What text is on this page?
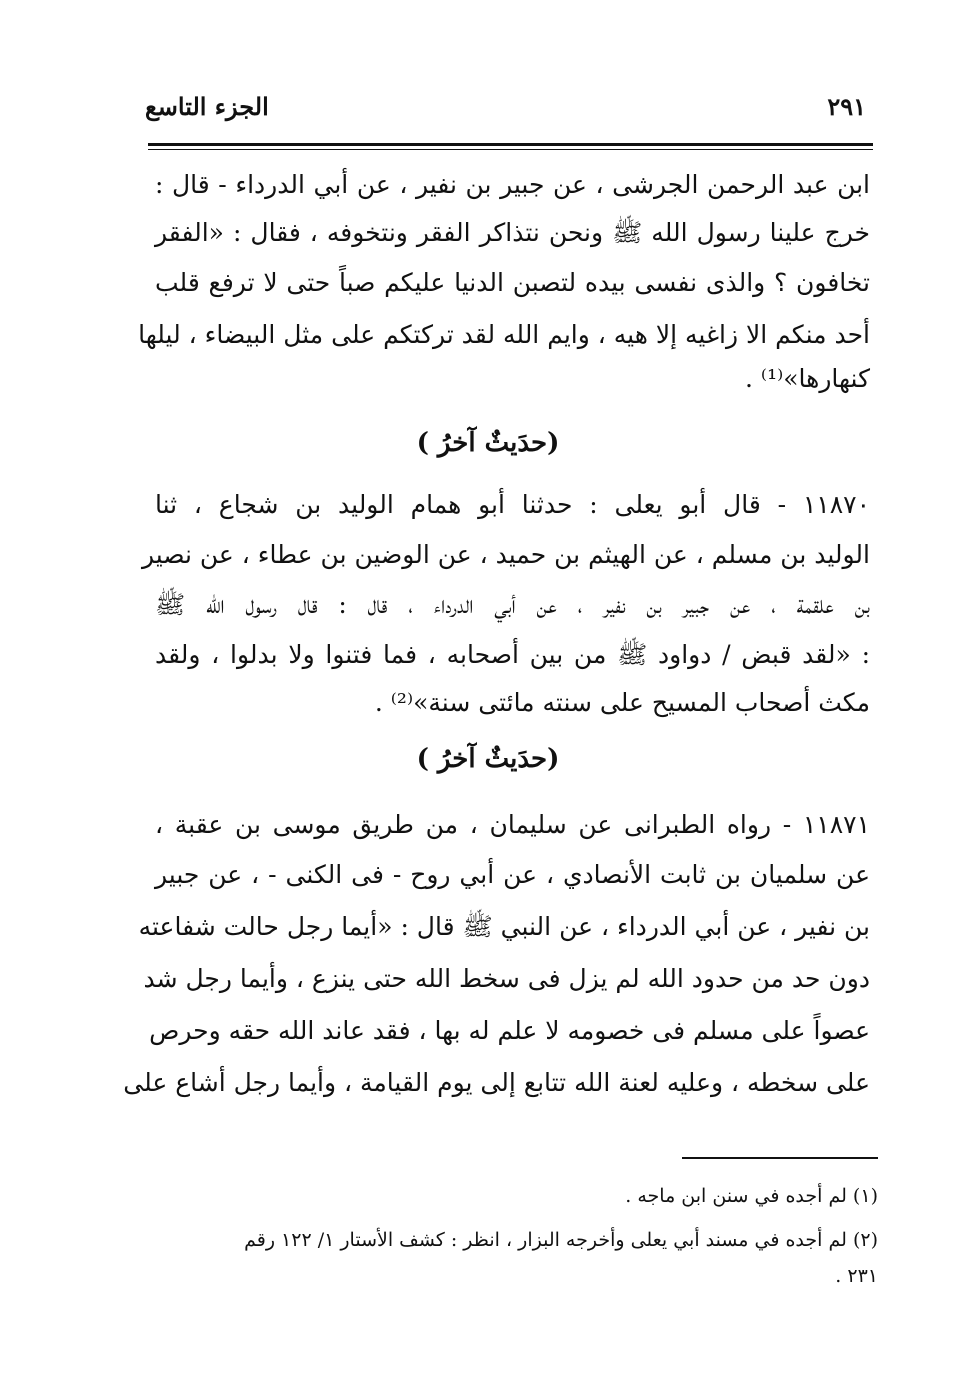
٢٩١
الجزء التاسع
ابن عبد الرحمن الجرشى ، عن جبير بن نفير ، عن أبي الدرداء - قال :
خرج علينا رسول الله ﷺ ونحن نتذاكر الفقر ونتخوفه ، فقال : «الفقر
تخافون ؟ والذى نفسى بيده لتصبن الدنيا عليكم صباً حتى لا ترفع قلب
أحد منكم الا زاغيه إلا هيه ، وايم الله لقد تركتكم على مثل البيضاء ، ليلها
كنهارها»⁽¹⁾ .
(حدَيثٌ آخرُ )
١١٨٧٠ - قال أبو يعلى : حدثنا أبو همام الوليد بن شجاع ، ثنا
الوليد بن مسلم ، عن الهيثم بن حميد ، عن الوضين بن عطاء ، عن نصير
بن علقمة ، عن جبير بن نفير ، عن أبي الدرداء ، قال : قال رسول الله ﷺ
: «لقد قبض / دواود ﷺ من بين أصحابه ، فما فتنوا ولا بدلوا ، ولقد
مكث أصحاب المسيح على سنته مائتى سنة»⁽²⁾ .
(حدَيثٌ آخرُ )
١١٨٧١ - رواه الطبرانى عن سليمان ، من طريق موسى بن عقبة ،
عن سلميان بن ثابت الأنصادي ، عن أبي روح - فى الكنى - ، عن جبير
بن نفير ، عن أبي الدرداء ، عن النبي ﷺ قال : «أيما رجل حالت شفاعته
دون حد من حدود الله لم يزل فى سخط الله حتى ينزع ، وأيما رجل شد
عصواً على مسلم فى خصومه لا علم له بها ، فقد عاند الله حقه وحرص
على سخطه ، وعليه لعنة الله تتابع إلى يوم القيامة ، وأيما رجل أشاع على
(١) لم أجده في سنن ابن ماجه .
(٢) لم أجده في مسند أبي يعلى وأخرجه البزار ، انظر : كشف الأستار ١/ ١٢٢ رقم
٢٣١ .
